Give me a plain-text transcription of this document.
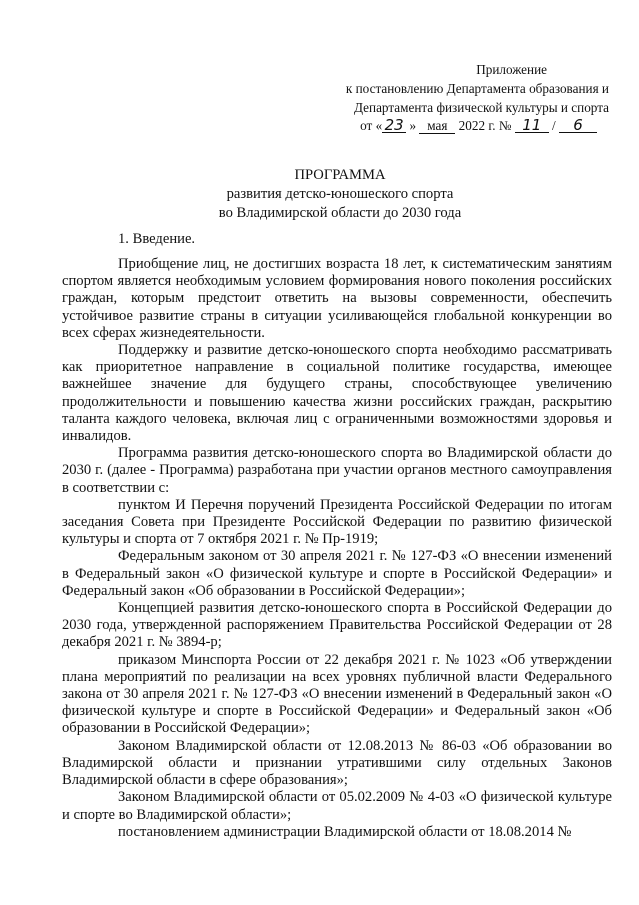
Приложение
к постановлению Департамента образования и
Департамента физической культуры и спорта
от « 23 » мая 2022 г. № 11 / 6
ПРОГРАММА
развития детско-юношеского спорта
во Владимирской области до 2030 года
1. Введение.

Приобщение лиц, не достигших возраста 18 лет, к систематическим занятиям спортом является необходимым условием формирования нового поколения российских граждан, которым предстоит ответить на вызовы современности, обеспечить устойчивое развитие страны в ситуации усиливающейся глобальной конкуренции во всех сферах жизнедеятельности.

Поддержку и развитие детско-юношеского спорта необходимо рассматривать как приоритетное направление в социальной политике государства, имеющее важнейшее значение для будущего страны, способствующее увеличению продолжительности и повышению качества жизни российских граждан, раскрытию таланта каждого человека, включая лиц с ограниченными возможностями здоровья и инвалидов.

Программа развития детско-юношеского спорта во Владимирской области до 2030 г. (далее - Программа) разработана при участии органов местного самоуправления в соответствии с:

пунктом И Перечня поручений Президента Российской Федерации по итогам заседания Совета при Президенте Российской Федерации по развитию физической культуры и спорта от 7 октября 2021 г. № Пр-1919;

Федеральным законом от 30 апреля 2021 г. № 127-ФЗ «О внесении изменений в Федеральный закон «О физической культуре и спорте в Российской Федерации» и Федеральный закон «Об образовании в Российской Федерации»;

Концепцией развития детско-юношеского спорта в Российской Федерации до 2030 года, утвержденной распоряжением Правительства Российской Федерации от 28 декабря 2021 г. № 3894-р;

приказом Минспорта России от 22 декабря 2021 г. № 1023 «Об утверждении плана мероприятий по реализации на всех уровнях публичной власти Федерального закона от 30 апреля 2021 г. № 127-ФЗ «О внесении изменений в Федеральный закон «О физической культуре и спорте в Российской Федерации» и Федеральный закон «Об образовании в Российской Федерации»;

Законом Владимирской области от 12.08.2013 № 86-03 «Об образовании во Владимирской области и признании утратившими силу отдельных Законов Владимирской области в сфере образования»;

Законом Владимирской области от 05.02.2009 № 4-03 «О физической культуре и спорте во Владимирской области»;

постановлением администрации Владимирской области от 18.08.2014 №
